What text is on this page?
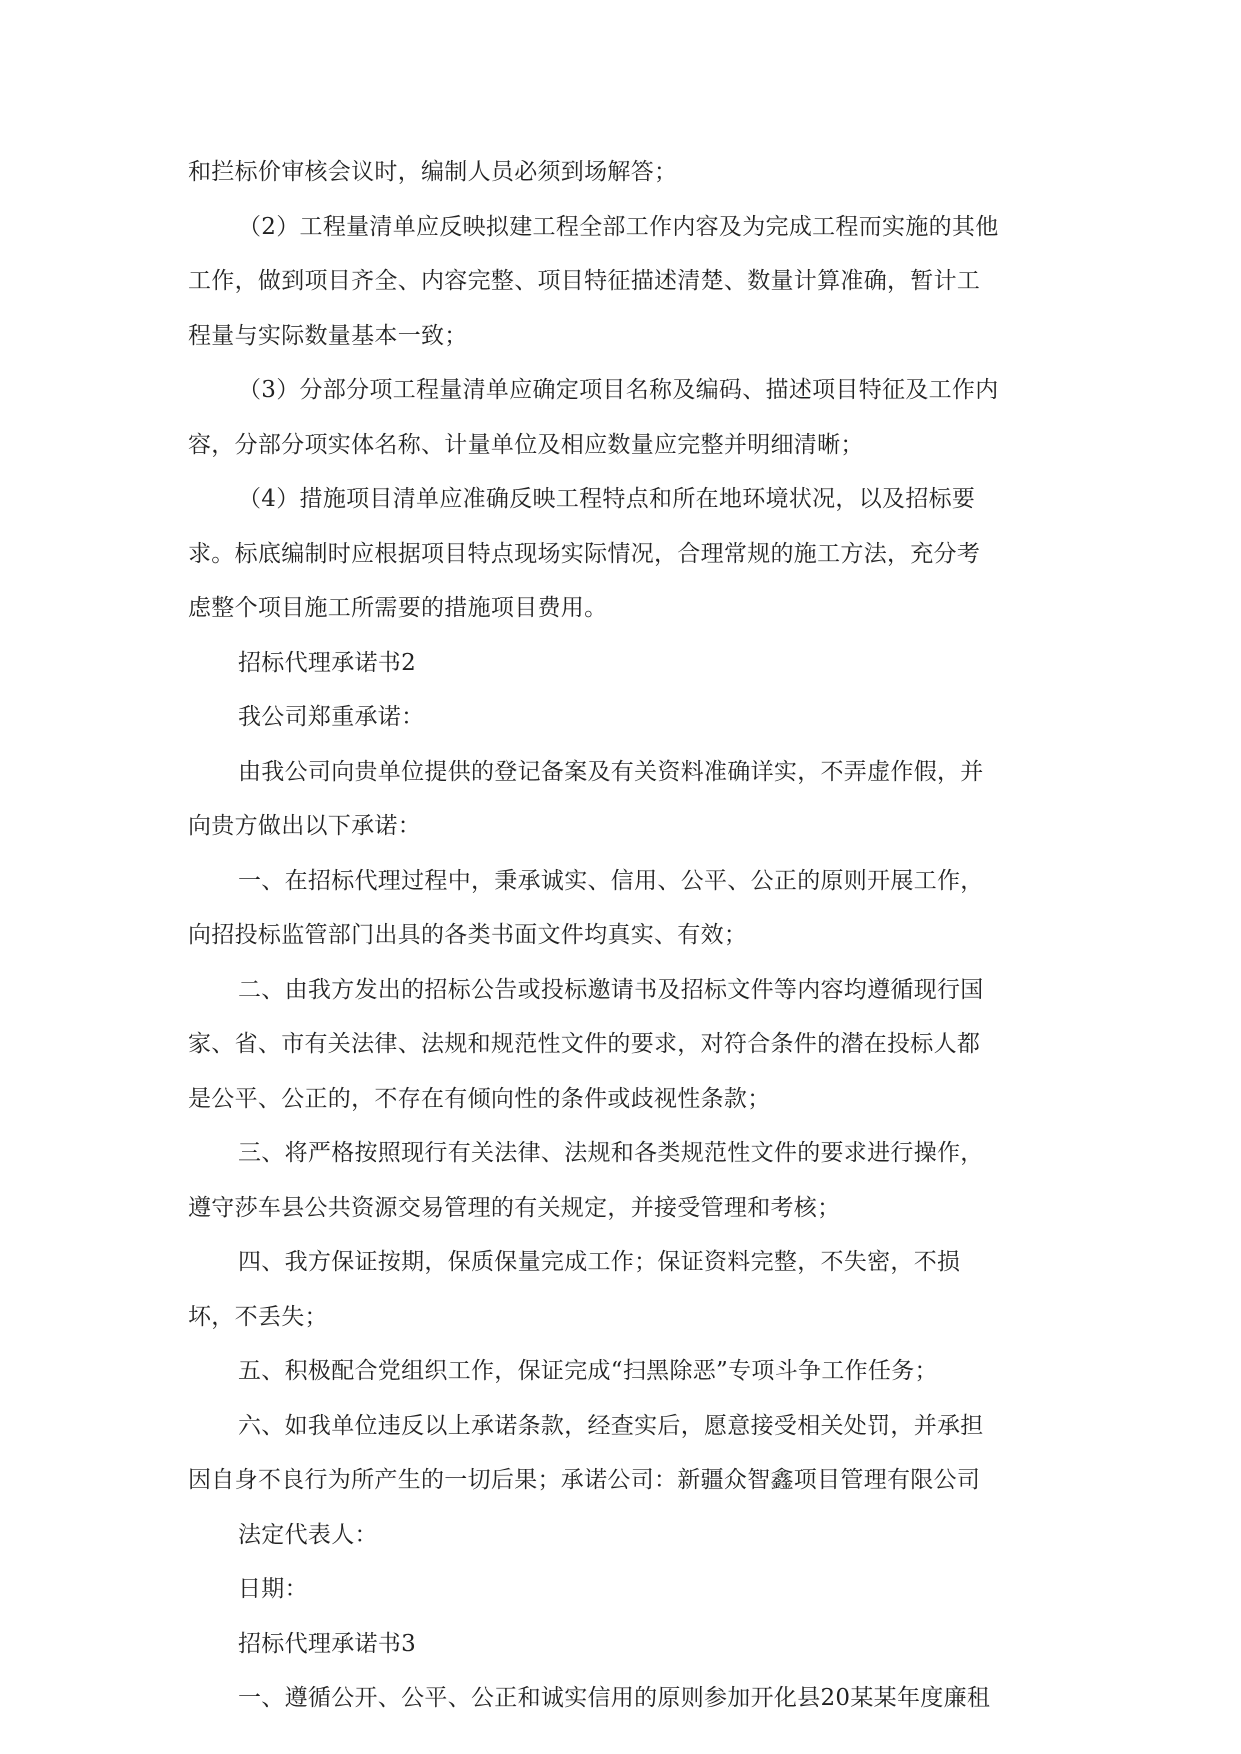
和拦标价审核会议时，编制人员必须到场解答；

（2）工程量清单应反映拟建工程全部工作内容及为完成工程而实施的其他

工作，做到项目齐全、内容完整、项目特征描述清楚、数量计算准确，暂计工

程量与实际数量基本一致；

（3）分部分项工程量清单应确定项目名称及编码、描述项目特征及工作内

容，分部分项实体名称、计量单位及相应数量应完整并明细清晰；

（4）措施项目清单应准确反映工程特点和所在地环境状况，以及招标要

求。标底编制时应根据项目特点现场实际情况，合理常规的施工方法，充分考

虑整个项目施工所需要的措施项目费用。

招标代理承诺书2

我公司郑重承诺：

由我公司向贵单位提供的登记备案及有关资料准确详实，不弄虚作假，并

向贵方做出以下承诺：

一、在招标代理过程中，秉承诚实、信用、公平、公正的原则开展工作，

向招投标监管部门出具的各类书面文件均真实、有效；

二、由我方发出的招标公告或投标邀请书及招标文件等内容均遵循现行国

家、省、市有关法律、法规和规范性文件的要求，对符合条件的潜在投标人都

是公平、公正的，不存在有倾向性的条件或歧视性条款；

三、将严格按照现行有关法律、法规和各类规范性文件的要求进行操作，

遵守莎车县公共资源交易管理的有关规定，并接受管理和考核；

四、我方保证按期，保质保量完成工作；保证资料完整，不失密，不损

坏，不丢失；

五、积极配合党组织工作，保证完成“扫黑除恶”专项斗争工作任务；

六、如我单位违反以上承诺条款，经查实后，愿意接受相关处罚，并承担

因自身不良行为所产生的一切后果；承诺公司：新疆众智鑫项目管理有限公司

法定代表人：

日期：

招标代理承诺书3

一、遵循公开、公平、公正和诚实信用的原则参加开化县20某某年度廉租
